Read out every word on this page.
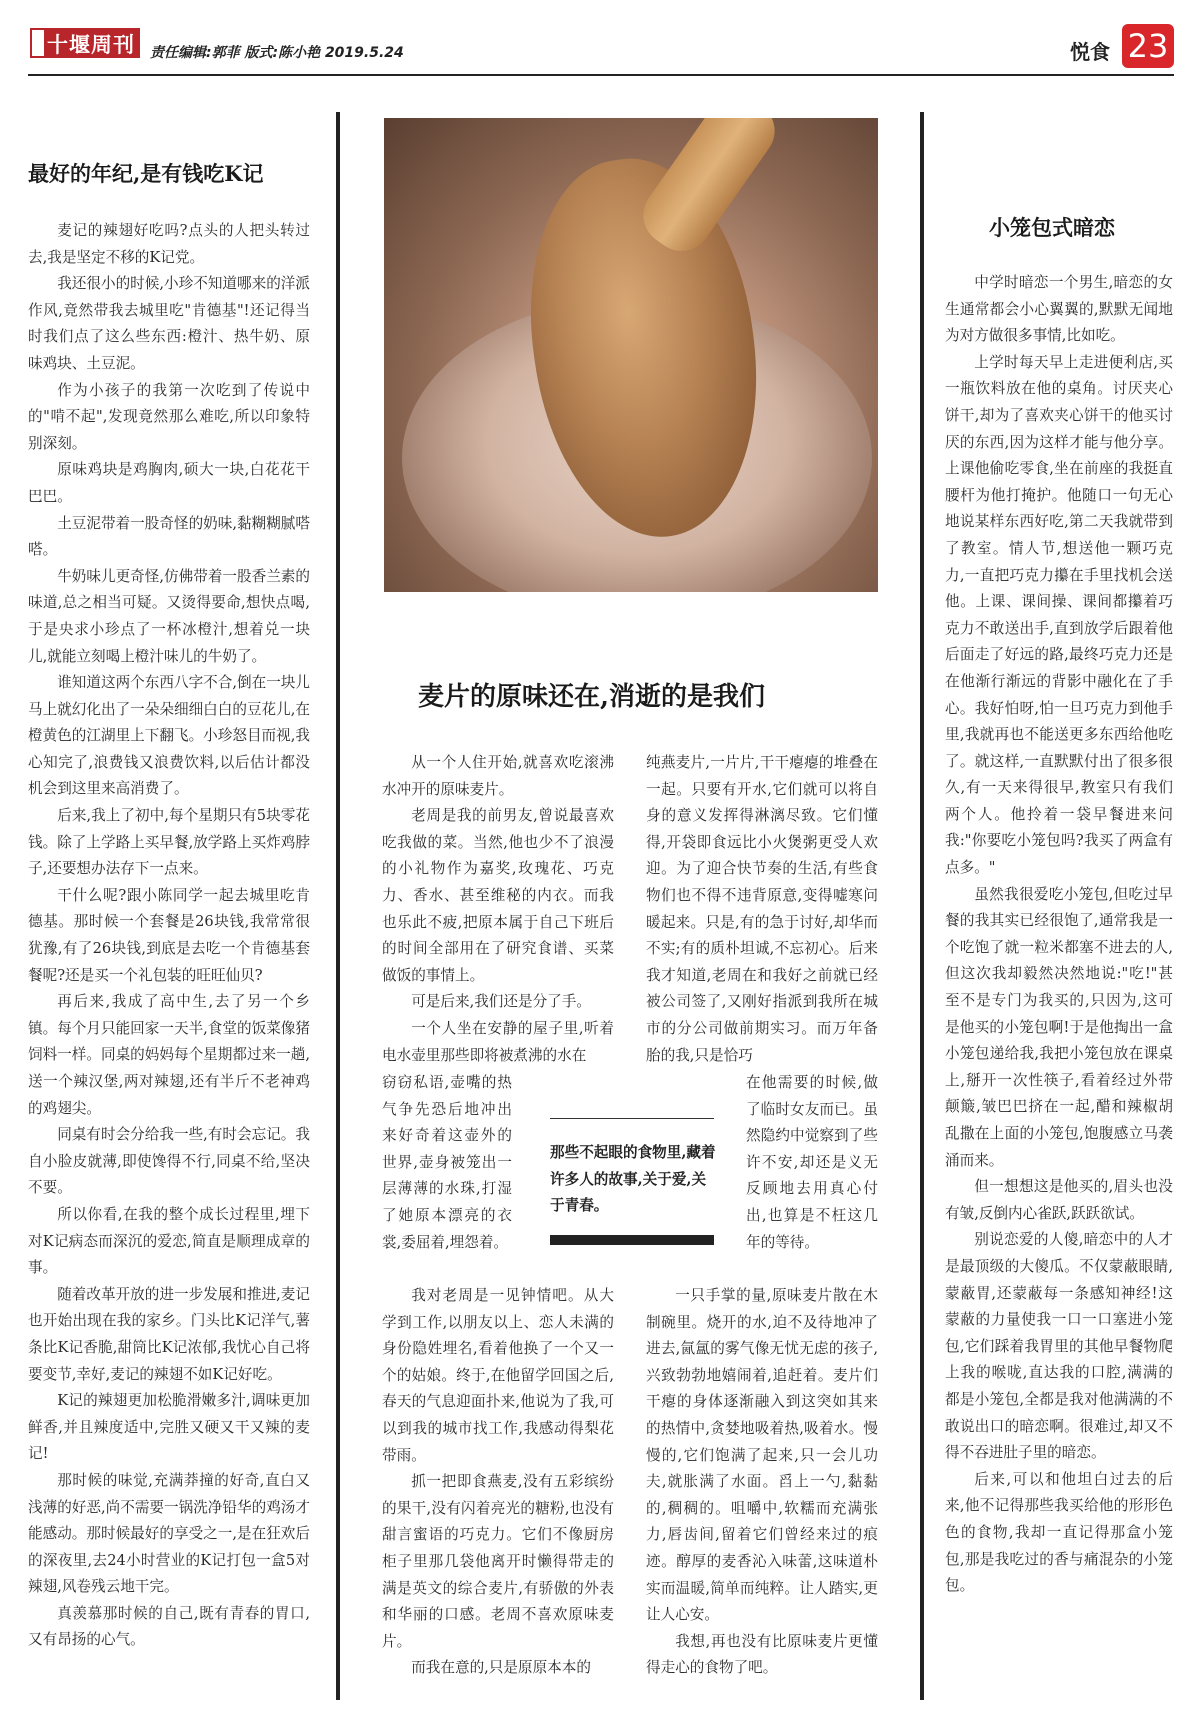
十堰周刊	责任编辑:郭菲 版式:陈小艳 2019.5.24	悦食 23
最好的年纪,是有钱吃K记

麦记的辣翅好吃吗?点头的人把头转过去,我是坚定不移的K记党。

我还很小的时候,小珍不知道哪来的洋派作风,竟然带我去城里吃"肯德基"!还记得当时我们点了这么些东西:橙汁、热牛奶、原味鸡块、土豆泥。

作为小孩子的我第一次吃到了传说中的"啃不起",发现竟然那么难吃,所以印象特别深刻。

原味鸡块是鸡胸肉,硕大一块,白花花干巴巴。

土豆泥带着一股奇怪的奶味,黏糊糊腻嗒嗒。

牛奶味儿更奇怪,仿佛带着一股香兰素的味道,总之相当可疑。又烫得要命,想快点喝,于是央求小珍点了一杯冰橙汁,想着兑一块儿,就能立刻喝上橙汁味儿的牛奶了。

谁知道这两个东西八字不合,倒在一块儿马上就幻化出了一朵朵细细白白的豆花儿,在橙黄色的江湖里上下翻飞。小珍怒目而视,我心知完了,浪费钱又浪费饮料,以后估计都没机会到这里来高消费了。

后来,我上了初中,每个星期只有5块零花钱。除了上学路上买早餐,放学路上买炸鸡脖子,还要想办法存下一点来。

干什么呢?跟小陈同学一起去城里吃肯德基。那时候一个套餐是26块钱,我常常很犹豫,有了26块钱,到底是去吃一个肯德基套餐呢?还是买一个礼包装的旺旺仙贝?

再后来,我成了高中生,去了另一个乡镇。每个月只能回家一天半,食堂的饭菜像猪饲料一样。同桌的妈妈每个星期都过来一趟,送一个辣汉堡,两对辣翅,还有半斤不老神鸡的鸡翅尖。

同桌有时会分给我一些,有时会忘记。我自小脸皮就薄,即使馋得不行,同桌不给,坚决不要。

所以你看,在我的整个成长过程里,埋下对K记病态而深沉的爱恋,简直是顺理成章的事。

随着改革开放的进一步发展和推进,麦记也开始出现在我的家乡。门头比K记洋气,薯条比K记香脆,甜筒比K记浓郁,我忧心自己将要变节,幸好,麦记的辣翅不如K记好吃。

K记的辣翅更加松脆滑嫩多汁,调味更加鲜香,并且辣度适中,完胜又硬又干又辣的麦记!

那时候的味觉,充满莽撞的好奇,直白又浅薄的好恶,尚不需要一锅洗净铅华的鸡汤才能感动。那时候最好的享受之一,是在狂欢后的深夜里,去24小时营业的K记打包一盒5对辣翅,风卷残云地干完。

真羡慕那时候的自己,既有青春的胃口,又有昂扬的心气。

麦片的原味还在,消逝的是我们

从一个人住开始,就喜欢吃滚沸水冲开的原味麦片。

老周是我的前男友,曾说最喜欢吃我做的菜。当然,他也少不了浪漫的小礼物作为嘉奖,玫瑰花、巧克力、香水、甚至维秘的内衣。而我也乐此不疲,把原本属于自己下班后的时间全部用在了研究食谱、买菜做饭的事情上。

可是后来,我们还是分了手。

一个人坐在安静的屋子里,听着电水壶里那些即将被煮沸的水在

窃窃私语,壶嘴的热气争先恐后地冲出来好奇着这壶外的世界,壶身被笼出一层薄薄的水珠,打湿了她原本漂亮的衣裳,委屈着,埋怨着。

我对老周是一见钟情吧。从大学到工作,以朋友以上、恋人未满的身份隐姓埋名,看着他换了一个又一个的姑娘。终于,在他留学回国之后,春天的气息迎面扑来,他说为了我,可以到我的城市找工作,我感动得梨花带雨。

抓一把即食燕麦,没有五彩缤纷的果干,没有闪着亮光的糖粉,也没有甜言蜜语的巧克力。它们不像厨房柜子里那几袋他离开时懒得带走的满是英文的综合麦片,有骄傲的外表和华丽的口感。老周不喜欢原味麦片。

而我在意的,只是原原本本的

纯燕麦片,一片片,干干瘪瘪的堆叠在一起。只要有开水,它们就可以将自身的意义发挥得淋漓尽致。它们懂得,开袋即食远比小火煲粥更受人欢迎。为了迎合快节奏的生活,有些食物们也不得不违背原意,变得嘘寒问暖起来。只是,有的急于讨好,却华而不实;有的质朴坦诚,不忘初心。后来我才知道,老周在和我好之前就已经被公司签了,又刚好指派到我所在城市的分公司做前期实习。而万年备胎的我,只是恰巧

在他需要的时候,做了临时女友而已。虽然隐约中觉察到了些许不安,却还是义无反顾地去用真心付出,也算是不枉这几年的等待。

一只手掌的量,原味麦片散在木制碗里。烧开的水,迫不及待地冲了进去,氤氲的雾气像无忧无虑的孩子,兴致勃勃地嬉闹着,追赶着。麦片们干瘪的身体逐渐融入到这突如其来的热情中,贪婪地吸着热,吸着水。慢慢的,它们饱满了起来,只一会儿功夫,就胀满了水面。舀上一勺,黏黏的,稠稠的。咀嚼中,软糯而充满张力,唇齿间,留着它们曾经来过的痕迹。醇厚的麦香沁入味蕾,这味道朴实而温暖,简单而纯粹。让人踏实,更让人心安。

我想,再也没有比原味麦片更懂得走心的食物了吧。

那些不起眼的食物里,藏着许多人的故事,关于爱,关于青春。
小笼包式暗恋

中学时暗恋一个男生,暗恋的女生通常都会小心翼翼的,默默无闻地为对方做很多事情,比如吃。

上学时每天早上走进便利店,买一瓶饮料放在他的桌角。讨厌夹心饼干,却为了喜欢夹心饼干的他买讨厌的东西,因为这样才能与他分享。上课他偷吃零食,坐在前座的我挺直腰杆为他打掩护。他随口一句无心地说某样东西好吃,第二天我就带到了教室。情人节,想送他一颗巧克力,一直把巧克力攥在手里找机会送他。上课、课间操、课间都攥着巧克力不敢送出手,直到放学后跟着他后面走了好远的路,最终巧克力还是在他渐行渐远的背影中融化在了手心。我好怕呀,怕一旦巧克力到他手里,我就再也不能送更多东西给他吃了。就这样,一直默默付出了很多很久,有一天来得很早,教室只有我们两个人。他拎着一袋早餐进来问我:"你要吃小笼包吗?我买了两盒有点多。"

虽然我很爱吃小笼包,但吃过早餐的我其实已经很饱了,通常我是一个吃饱了就一粒米都塞不进去的人,但这次我却毅然决然地说:"吃!"甚至不是专门为我买的,只因为,这可是他买的小笼包啊!于是他掏出一盒小笼包递给我,我把小笼包放在课桌上,掰开一次性筷子,看着经过外带颠簸,皱巴巴挤在一起,醋和辣椒胡乱撒在上面的小笼包,饱腹感立马袭涌而来。

但一想想这是他买的,眉头也没有皱,反倒内心雀跃,跃跃欲试。

别说恋爱的人傻,暗恋中的人才是最顶级的大傻瓜。不仅蒙蔽眼睛,蒙蔽胃,还蒙蔽每一条感知神经!这蒙蔽的力量使我一口一口塞进小笼包,它们踩着我胃里的其他早餐物爬上我的喉咙,直达我的口腔,满满的都是小笼包,全都是我对他满满的不敢说出口的暗恋啊。很难过,却又不得不吞进肚子里的暗恋。

后来,可以和他坦白过去的后来,他不记得那些我买给他的形形色色的食物,我却一直记得那盒小笼包,那是我吃过的香与痛混杂的小笼包。
